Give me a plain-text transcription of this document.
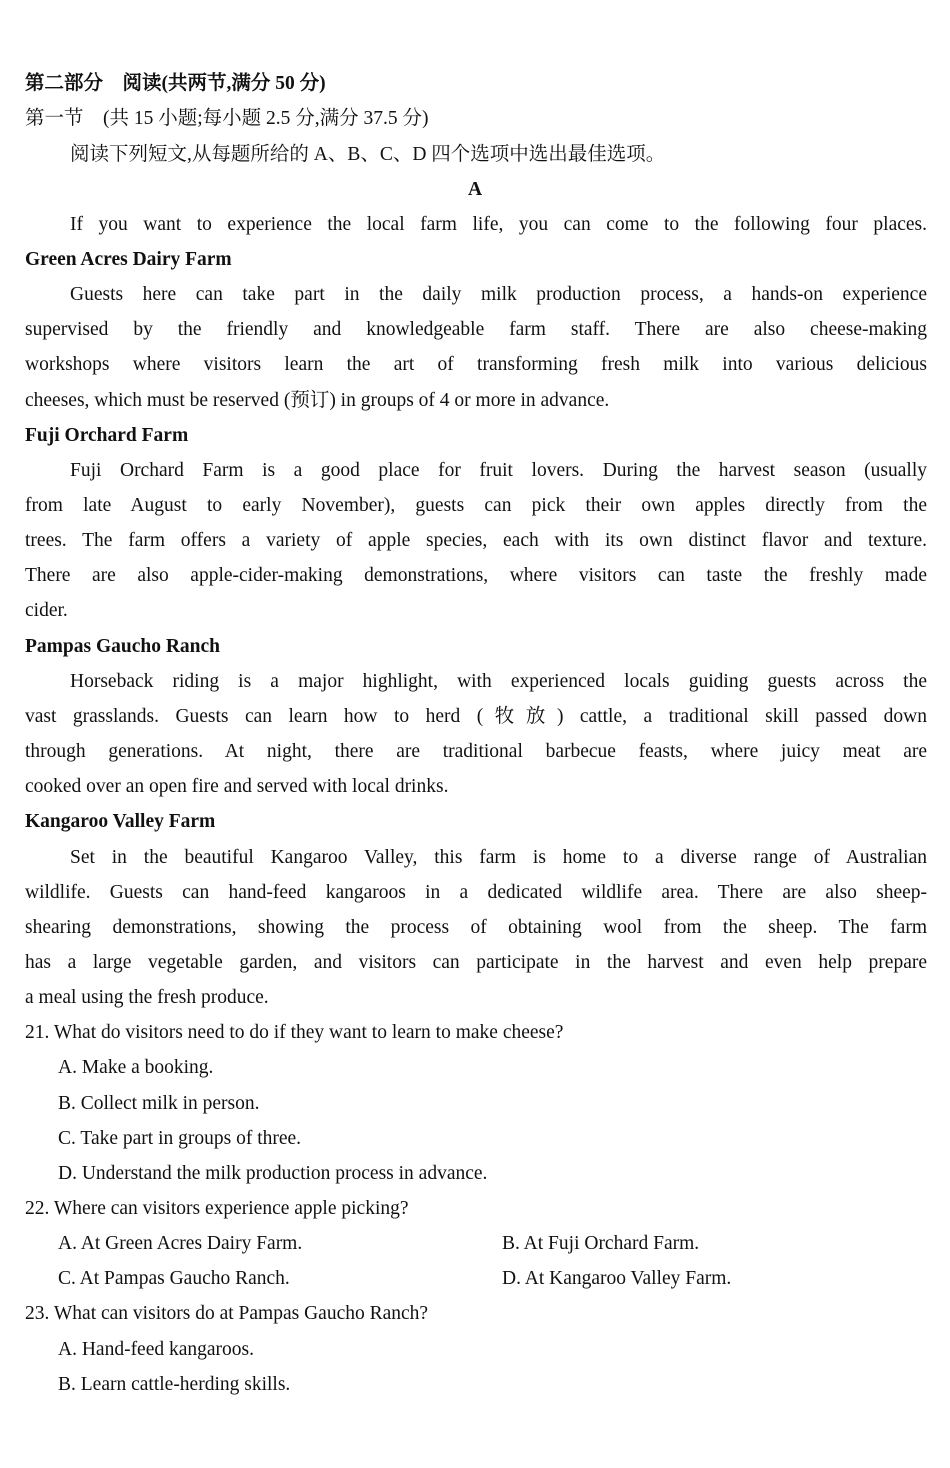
第二部分　阅读(共两节,满分 50 分)
第一节　(共 15 小题;每小题 2.5 分,满分 37.5 分)
阅读下列短文,从每题所给的 A、B、C、D 四个选项中选出最佳选项。
A
If you want to experience the local farm life, you can come to the following four places.
Green Acres Dairy Farm
Guests here can take part in the daily milk production process, a hands-on experience
supervised by the friendly and knowledgeable farm staff. There are also cheese-making
workshops where visitors learn the art of transforming fresh milk into various delicious
cheeses, which must be reserved (预订) in groups of 4 or more in advance.
Fuji Orchard Farm
Fuji Orchard Farm is a good place for fruit lovers. During the harvest season (usually
from late August to early November), guests can pick their own apples directly from the
trees. The farm offers a variety of apple species, each with its own distinct flavor and texture.
There are also apple-cider-making demonstrations, where visitors can taste the freshly made
cider.
Pampas Gaucho Ranch
Horseback riding is a major highlight, with experienced locals guiding guests across the
vast grasslands. Guests can learn how to herd (牧放) cattle, a traditional skill passed down
through generations. At night, there are traditional barbecue feasts, where juicy meat are
cooked over an open fire and served with local drinks.
Kangaroo Valley Farm
Set in the beautiful Kangaroo Valley, this farm is home to a diverse range of Australian
wildlife. Guests can hand-feed kangaroos in a dedicated wildlife area. There are also sheep-
shearing demonstrations, showing the process of obtaining wool from the sheep. The farm
has a large vegetable garden, and visitors can participate in the harvest and even help prepare
a meal using the fresh produce.
21. What do visitors need to do if they want to learn to make cheese?
A. Make a booking.
B. Collect milk in person.
C. Take part in groups of three.
D. Understand the milk production process in advance.
22. Where can visitors experience apple picking?
A. At Green Acres Dairy Farm.	B. At Fuji Orchard Farm.
C. At Pampas Gaucho Ranch.	D. At Kangaroo Valley Farm.
23. What can visitors do at Pampas Gaucho Ranch?
A. Hand-feed kangaroos.
B. Learn cattle-herding skills.
